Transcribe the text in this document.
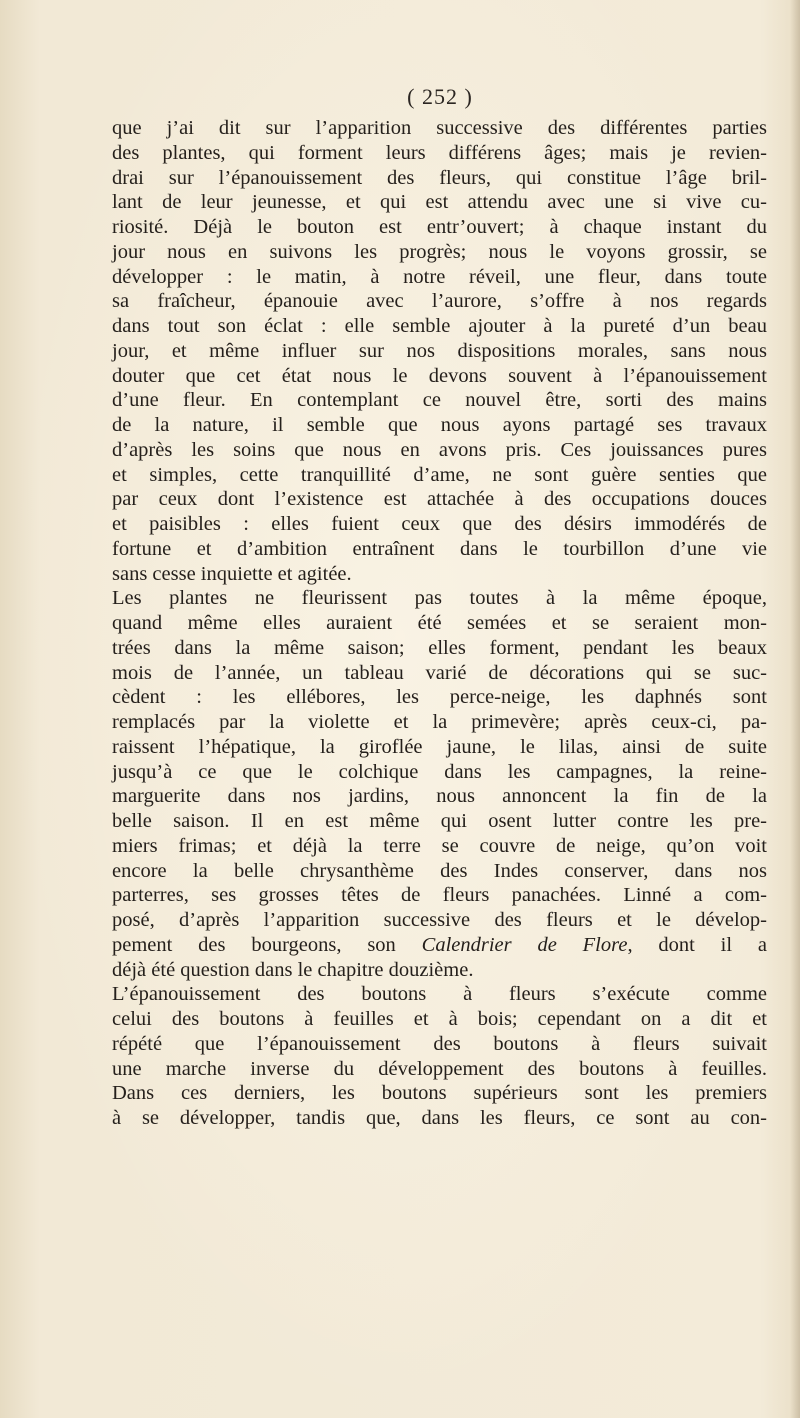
( 252 )
que j’ai dit sur l’apparition successive des différentes parties
des plantes, qui forment leurs différens âges; mais je revien-
drai sur l’épanouissement des fleurs, qui constitue l’âge bril-
lant de leur jeunesse, et qui est attendu avec une si vive cu-
riosité. Déjà le bouton est entr’ouvert; à chaque instant du
jour nous en suivons les progrès; nous le voyons grossir, se
développer : le matin, à notre réveil, une fleur, dans toute
sa fraîcheur, épanouie avec l’aurore, s’offre à nos regards
dans tout son éclat : elle semble ajouter à la pureté d’un beau
jour, et même influer sur nos dispositions morales, sans nous
douter que cet état nous le devons souvent à l’épanouissement
d’une fleur. En contemplant ce nouvel être, sorti des mains
de la nature, il semble que nous ayons partagé ses travaux
d’après les soins que nous en avons pris. Ces jouissances pures
et simples, cette tranquillité d’ame, ne sont guère senties que
par ceux dont l’existence est attachée à des occupations douces
et paisibles : elles fuient ceux que des désirs immodérés de
fortune et d’ambition entraînent dans le tourbillon d’une vie
sans cesse inquiette et agitée.
Les plantes ne fleurissent pas toutes à la même époque,
quand même elles auraient été semées et se seraient mon-
trées dans la même saison; elles forment, pendant les beaux
mois de l’année, un tableau varié de décorations qui se suc-
cèdent : les ellébores, les perce-neige, les daphnés sont
remplacés par la violette et la primevère; après ceux-ci, pa-
raissent l’hépatique, la giroflée jaune, le lilas, ainsi de suite
jusqu’à ce que le colchique dans les campagnes, la reine-
marguerite dans nos jardins, nous annoncent la fin de la
belle saison. Il en est même qui osent lutter contre les pre-
miers frimas; et déjà la terre se couvre de neige, qu’on voit
encore la belle chrysanthème des Indes conserver, dans nos
parterres, ses grosses têtes de fleurs panachées. Linné a com-
posé, d’après l’apparition successive des fleurs et le dévelop-
pement des bourgeons, son Calendrier de Flore, dont il a
déjà été question dans le chapitre douzième.
L’épanouissement des boutons à fleurs s’exécute comme
celui des boutons à feuilles et à bois; cependant on a dit et
répété que l’épanouissement des boutons à fleurs suivait
une marche inverse du développement des boutons à feuilles.
Dans ces derniers, les boutons supérieurs sont les premiers
à se développer, tandis que, dans les fleurs, ce sont au con-
